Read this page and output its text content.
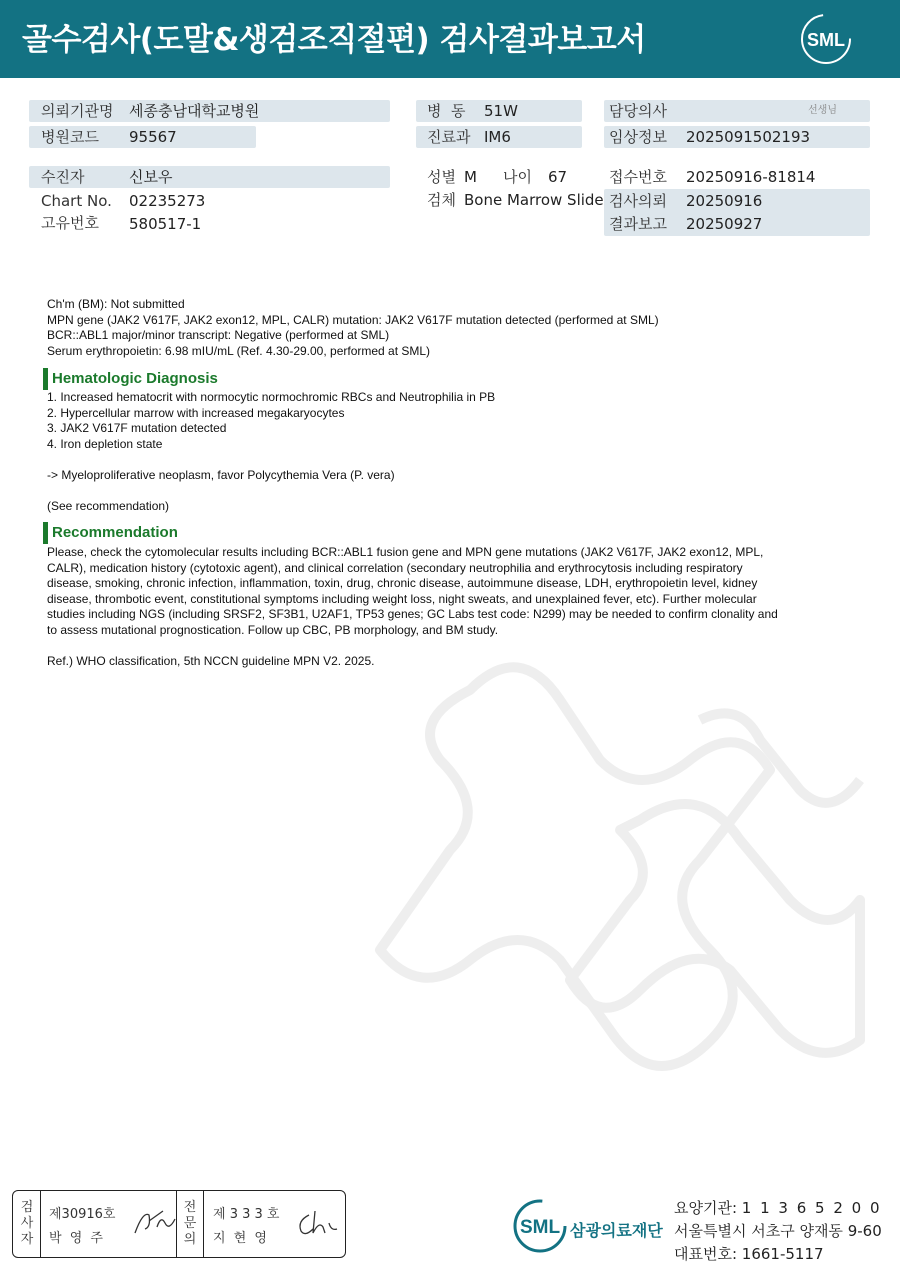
골수검사(도말&생검조직절편) 검사결과보고서	SML
의뢰기관명 세종충남대학교병원	병  동 51W	담당의사	선생님
병원코드 95567	진료과 IM6	임상정보 2025091502193
수진자	신보우
Chart No. 02235273
고유번호 580517-1
성별 M 나이 67
검체 Bone Marrow Slide
접수번호 20250916-81814
검사의뢰 20250916
결과보고 20250927
Ch'm (BM): Not submitted
MPN gene (JAK2 V617F, JAK2 exon12, MPL, CALR) mutation: JAK2 V617F mutation detected (performed at SML)
BCR::ABL1 major/minor transcript: Negative (performed at SML)
Serum erythropoietin: 6.98 mIU/mL (Ref. 4.30-29.00, performed at SML)
Hematologic Diagnosis
1. Increased hematocrit with normocytic normochromic RBCs and Neutrophilia in PB
2. Hypercellular marrow with increased megakaryocytes
3. JAK2 V617F mutation detected
4. Iron depletion state
-> Myeloproliferative neoplasm, favor Polycythemia Vera (P. vera)
(See recommendation)
Recommendation
Please, check the cytomolecular results including BCR::ABL1 fusion gene and MPN gene mutations (JAK2 V617F, JAK2 exon12, MPL,
CALR), medication history (cytotoxic agent), and clinical correlation (secondary neutrophilia and erythrocytosis including respiratory
disease, smoking, chronic infection, inflammation, toxin, drug, chronic disease, autoimmune disease, LDH, erythropoietin level, kidney
disease, thrombotic event, constitutional symptoms including weight loss, night sweats, and unexplained fever, etc). Further molecular
studies including NGS (including SRSF2, SF3B1, U2AF1, TP53 genes; GC Labs test code: N299) may be needed to confirm clonality and
to assess mutational prognostication. Follow up CBC, PB morphology, and BM study.
Ref.) WHO classification, 5th NCCN guideline MPN V2. 2025.
검
사
자
제30916호
박 영 주
전
문
의
제 3 3 3 호
지 현 영
SML 삼광의료재단
요양기관: 1 1 3 6 5 2 0 0
서울특별시 서초구 양재동 9-60
대표번호: 1661-5117
